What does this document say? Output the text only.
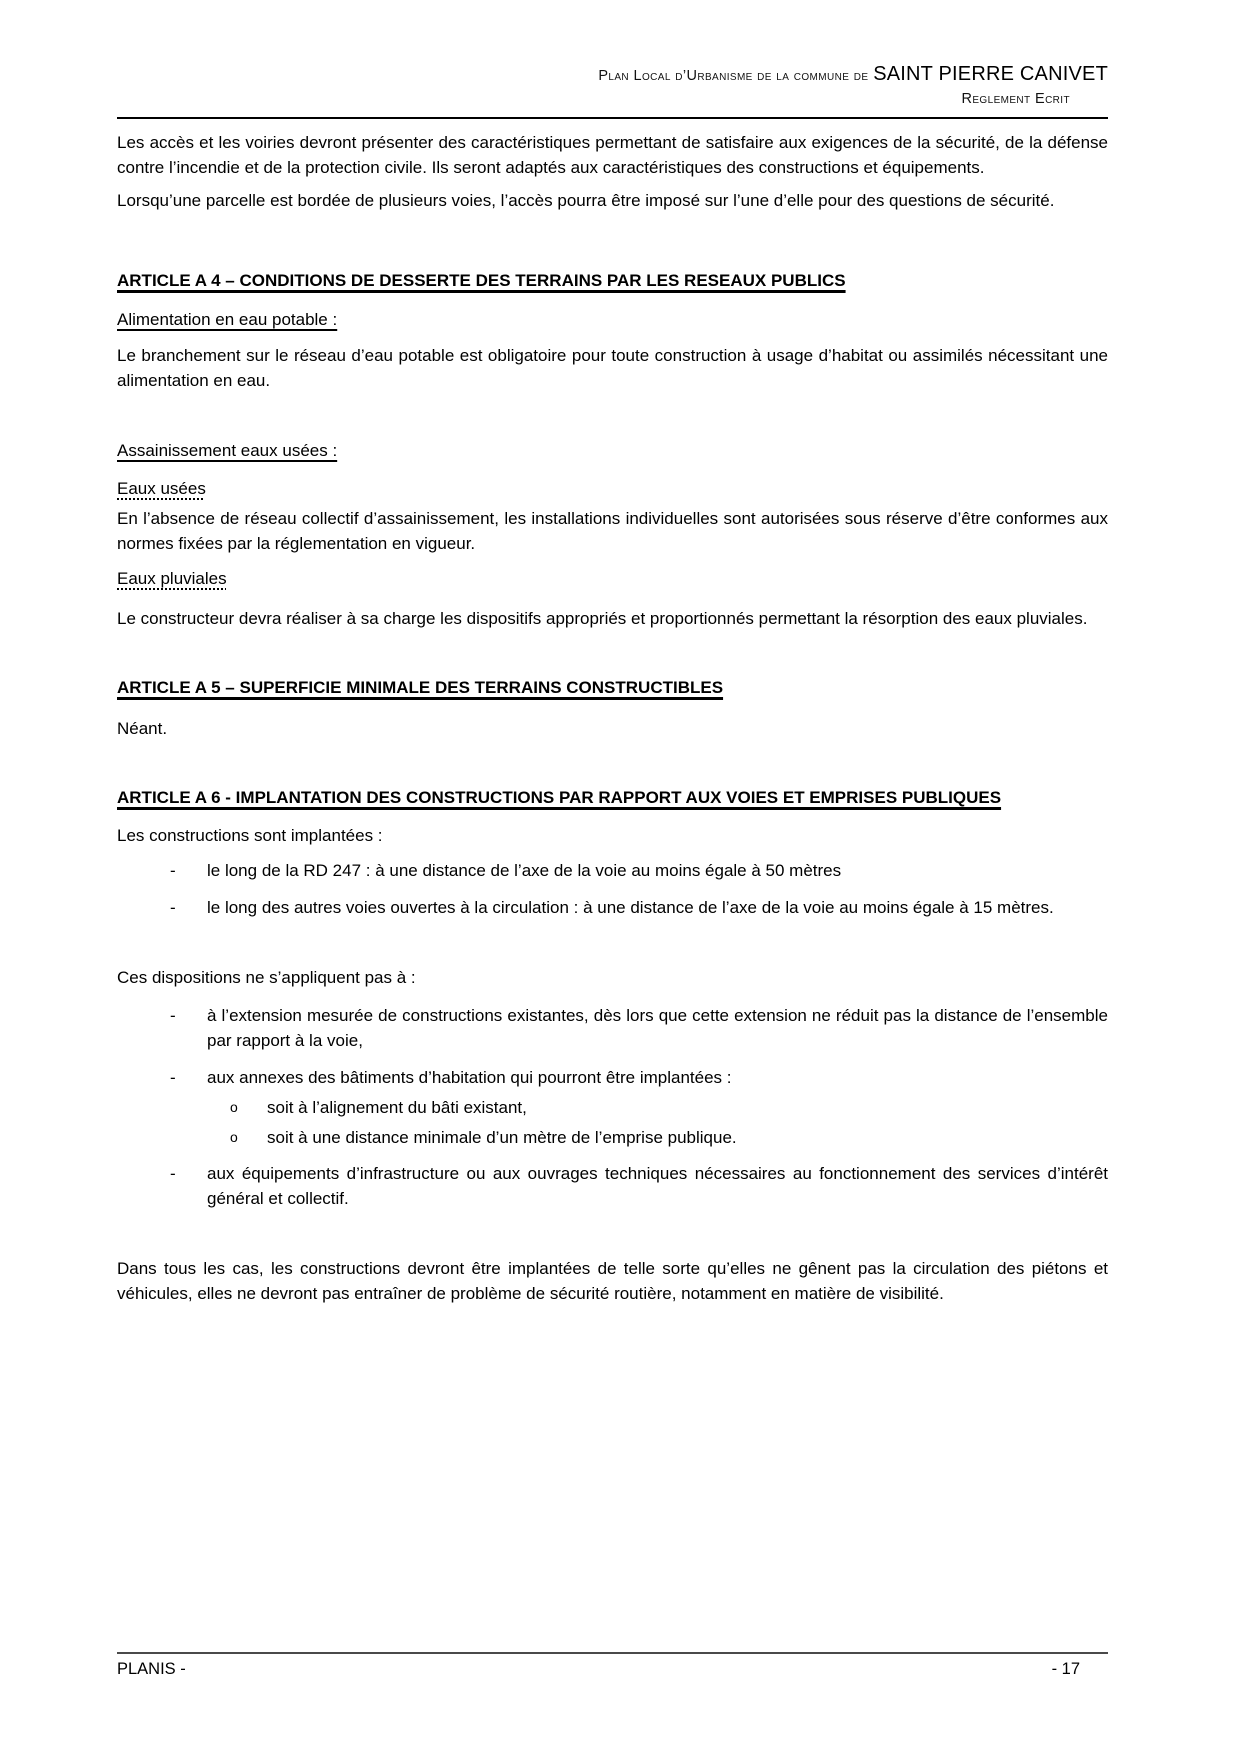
Plan Local d’Urbanisme de la commune de SAINT PIERRE CANIVET
Reglement Ecrit

Les accès et les voiries devront présenter des caractéristiques permettant de satisfaire aux exigences de la sécurité, de la défense contre l’incendie et de la protection civile. Ils seront adaptés aux caractéristiques des constructions et équipements.

Lorsqu’une parcelle est bordée de plusieurs voies, l’accès pourra être imposé sur l’une d’elle pour des questions de sécurité.

ARTICLE A 4 – CONDITIONS DE DESSERTE DES TERRAINS PAR LES RESEAUX PUBLICS
Alimentation en eau potable :

Le branchement sur le réseau d’eau potable est obligatoire pour toute construction à usage d’habitat ou assimilés nécessitant une alimentation en eau.

Assainissement eaux usées :
Eaux usées

En l’absence de réseau collectif d’assainissement, les installations individuelles sont autorisées sous réserve d’être conformes aux normes fixées par la réglementation en vigueur.

Eaux pluviales

Le constructeur devra réaliser à sa charge les dispositifs appropriés et proportionnés permettant la résorption des eaux pluviales.

ARTICLE A 5 – SUPERFICIE MINIMALE DES TERRAINS CONSTRUCTIBLES

Néant.

ARTICLE A 6 - IMPLANTATION DES CONSTRUCTIONS PAR RAPPORT AUX VOIES ET EMPRISES PUBLIQUES

Les constructions sont implantées :

- le long de la RD 247 : à une distance de l’axe de la voie au moins égale à 50 mètres
- le long des autres voies ouvertes à la circulation : à une distance de l’axe de la voie au moins égale à 15 mètres.

Ces dispositions ne s’appliquent pas à :

- à l’extension mesurée de constructions existantes, dès lors que cette extension ne réduit pas la distance de l’ensemble par rapport à la voie,
- aux annexes des bâtiments d’habitation qui pourront être implantées :
o soit à l’alignement du bâti existant,
o soit à une distance minimale d’un mètre de l’emprise publique.
- aux équipements d’infrastructure ou aux ouvrages techniques nécessaires au fonctionnement des services d’intérêt général et collectif.

Dans tous les cas, les constructions devront être implantées de telle sorte qu’elles ne gênent pas la circulation des piétons et véhicules, elles ne devront pas entraîner de problème de sécurité routière, notamment en matière de visibilité.

PLANIS -	- 17
